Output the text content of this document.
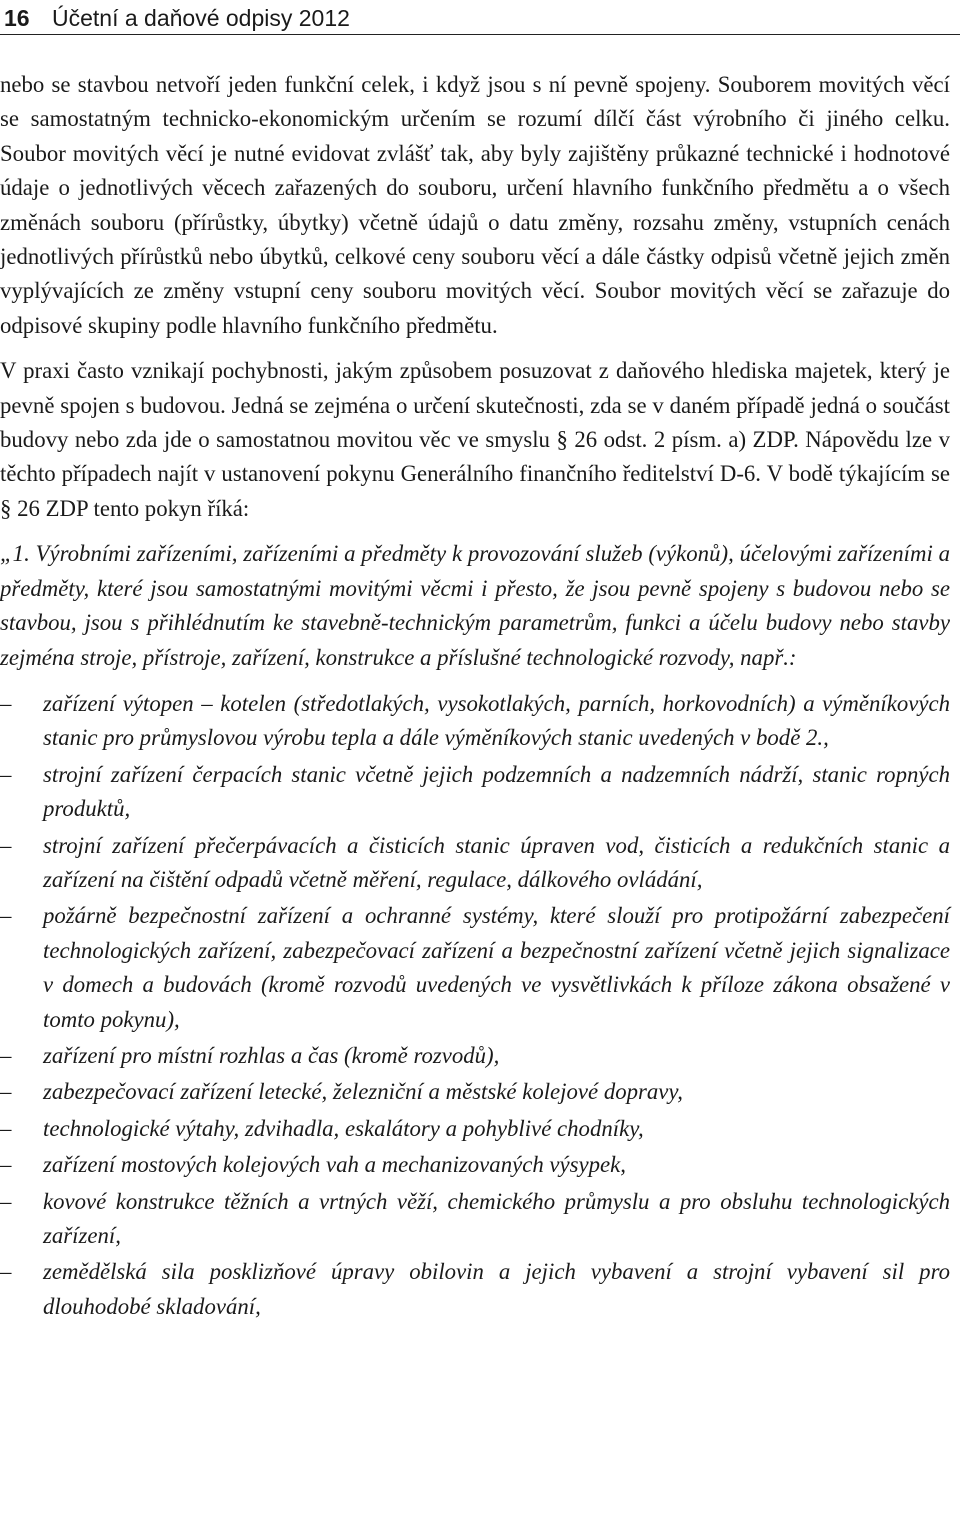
16 Účetní a daňové odpisy 2012

nebo se stavbou netvoří jeden funkční celek, i když jsou s ní pevně spojeny. Souborem movitých věcí se samostatným technicko-ekonomickým určením se rozumí dílčí část výrobního či jiného celku. Soubor movitých věcí je nutné evidovat zvlášť tak, aby byly zajištěny průkazné technické i hodnotové údaje o jednotlivých věcech zařazených do souboru, určení hlavního funkčního předmětu a o všech změnách souboru (přírůstky, úbytky) včetně údajů o datu změny, rozsahu změny, vstupních cenách jednotlivých přírůstků nebo úbytků, celkové ceny souboru věcí a dále částky odpisů včetně jejich změn vyplývajících ze změny vstupní ceny souboru movitých věcí. Soubor movitých věcí se zařazuje do odpisové skupiny podle hlavního funkčního předmětu.

V praxi často vznikají pochybnosti, jakým způsobem posuzovat z daňového hlediska majetek, který je pevně spojen s budovou. Jedná se zejména o určení skutečnosti, zda se v daném případě jedná o součást budovy nebo zda jde o samostatnou movitou věc ve smyslu § 26 odst. 2 písm. a) ZDP. Nápovědu lze v těchto případech najít v ustanovení pokynu Generálního finančního ředitelství D-6. V bodě týkajícím se § 26 ZDP tento pokyn říká:

„1. Výrobními zařízeními, zařízeními a předměty k provozování služeb (výkonů), účelovými zařízeními a předměty, které jsou samostatnými movitými věcmi i přesto, že jsou pevně spojeny s budovou nebo se stavbou, jsou s přihlédnutím ke stavebně-technickým parametrům, funkci a účelu budovy nebo stavby zejména stroje, přístroje, zařízení, konstrukce a příslušné technologické rozvody, např.:

– zařízení výtopen – kotelen (středotlakých, vysokotlakých, parních, horkovodních) a výměníkových stanic pro průmyslovou výrobu tepla a dále výměníkových stanic uvedených v bodě 2.,
– strojní zařízení čerpacích stanic včetně jejich podzemních a nadzemních nádrží, stanic ropných produktů,
– strojní zařízení přečerpávacích a čisticích stanic úpraven vod, čisticích a redukčních stanic a zařízení na čištění odpadů včetně měření, regulace, dálkového ovládání,
– požárně bezpečnostní zařízení a ochranné systémy, které slouží pro protipožární zabezpečení technologických zařízení, zabezpečovací zařízení a bezpečnostní zařízení včetně jejich signalizace v domech a budovách (kromě rozvodů uvedených ve vysvětlivkách k příloze zákona obsažené v tomto pokynu),
– zařízení pro místní rozhlas a čas (kromě rozvodů),
– zabezpečovací zařízení letecké, železniční a městské kolejové dopravy,
– technologické výtahy, zdvihadla, eskalátory a pohyblivé chodníky,
– zařízení mostových kolejových vah a mechanizovaných výsypek,
– kovové konstrukce těžních a vrtných věží, chemického průmyslu a pro obsluhu technologických zařízení,
– zemědělská sila posklizňové úpravy obilovin a jejich vybavení a strojní vybavení sil pro dlouhodobé skladování,
